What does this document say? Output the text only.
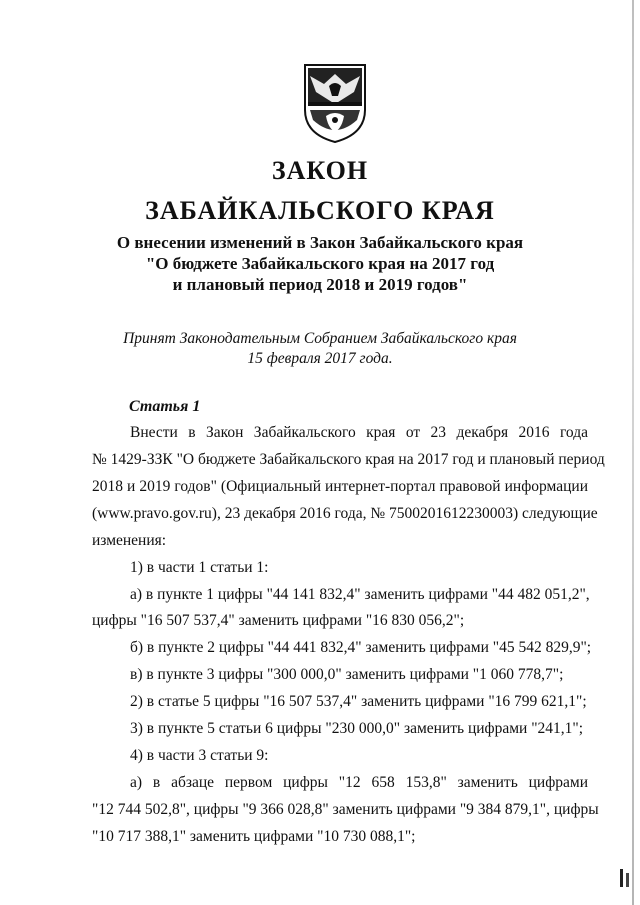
ЗАКОН
ЗАБАЙКАЛЬСКОГО КРАЯ
О внесении изменений в Закон Забайкальского края
"О бюджете Забайкальского края на 2017 год
и плановый период 2018 и 2019 годов"
Принят Законодательным Собранием Забайкальского края
15 февраля 2017 года.
Статья 1
Внести в Закон Забайкальского края от 23 декабря 2016 года
№ 1429-ЗЗК "О бюджете Забайкальского края на 2017 год и плановый период
2018 и 2019 годов" (Официальный интернет-портал правовой информации
(www.pravo.gov.ru), 23 декабря 2016 года, № 7500201612230003) следующие
изменения:
1) в части 1 статьи 1:
а) в пункте 1 цифры "44 141 832,4" заменить цифрами "44 482 051,2",
цифры "16 507 537,4" заменить цифрами "16 830 056,2";
б) в пункте 2 цифры "44 441 832,4" заменить цифрами "45 542 829,9";
в) в пункте 3 цифры "300 000,0" заменить цифрами "1 060 778,7";
2) в статье 5 цифры "16 507 537,4" заменить цифрами "16 799 621,1";
3) в пункте 5 статьи 6 цифры "230 000,0" заменить цифрами "241,1";
4) в части 3 статьи 9:
а) в абзаце первом цифры "12 658 153,8" заменить цифрами
"12 744 502,8", цифры "9 366 028,8" заменить цифрами "9 384 879,1", цифры
"10 717 388,1" заменить цифрами "10 730 088,1";
